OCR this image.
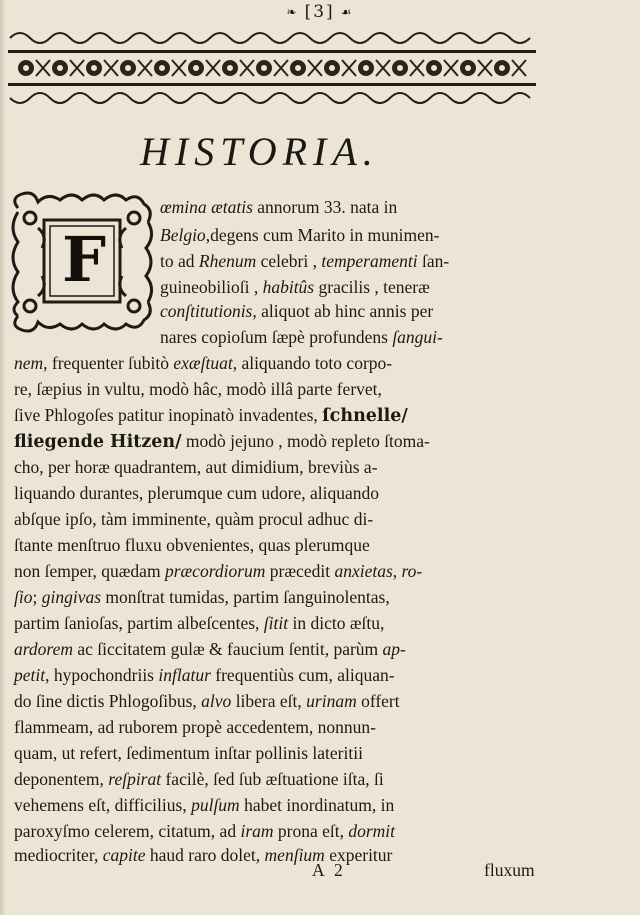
❧ [3] ☙
HISTORIA.
F
œmina ætatis annorum 33. nata in
Belgio,degens cum Marito in munimen-
to ad Rhenum celebri , temperamenti ſan-
guineobilioſi , habitûs gracilis , teneræ
conſtitutionis, aliquot ab hinc annis per
nares copioſum ſæpè profundens ſangui-
nem, frequenter ſubitò exæſtuat, aliquando toto corpo-
re, ſæpius in vultu, modò hâc, modò illâ parte fervet,
ſive Phlogoſes patitur inopinatò invadentes, ſchnelle/
fliegende Hitzen/ modò jejuno , modò repleto ſtoma-
cho, per horæ quadrantem, aut dimidium, breviùs a-
liquando durantes, plerumque cum udore, aliquando
abſque ipſo, tàm imminente, quàm procul adhuc di-
ſtante menſtruo fluxu obvenientes, quas plerumque
non ſemper, quædam præcordiorum præcedit anxietas, ro-
ſio; gingivas monſtrat tumidas, partim ſanguinolentas,
partim ſanioſas, partim albeſcentes, ſitit in dicto æſtu,
ardorem ac ſiccitatem gulæ & faucium ſentit, parùm ap-
petit, hypochondriis inflatur frequentiùs cum, aliquan-
do ſine dictis Phlogoſibus, alvo libera eſt, urinam offert
flammeam, ad ruborem propè accedentem, nonnun-
quam, ut refert, ſedimentum inſtar pollinis lateritii
deponentem, reſpirat facilè, ſed ſub æſtuatione iſta, ſi
vehemens eſt, difficilius, pulſum habet inordinatum, in
paroxyſmo celerem, citatum, ad iram prona eſt, dormit
mediocriter, capite haud raro dolet, menſium experitur
A 2	fluxum
